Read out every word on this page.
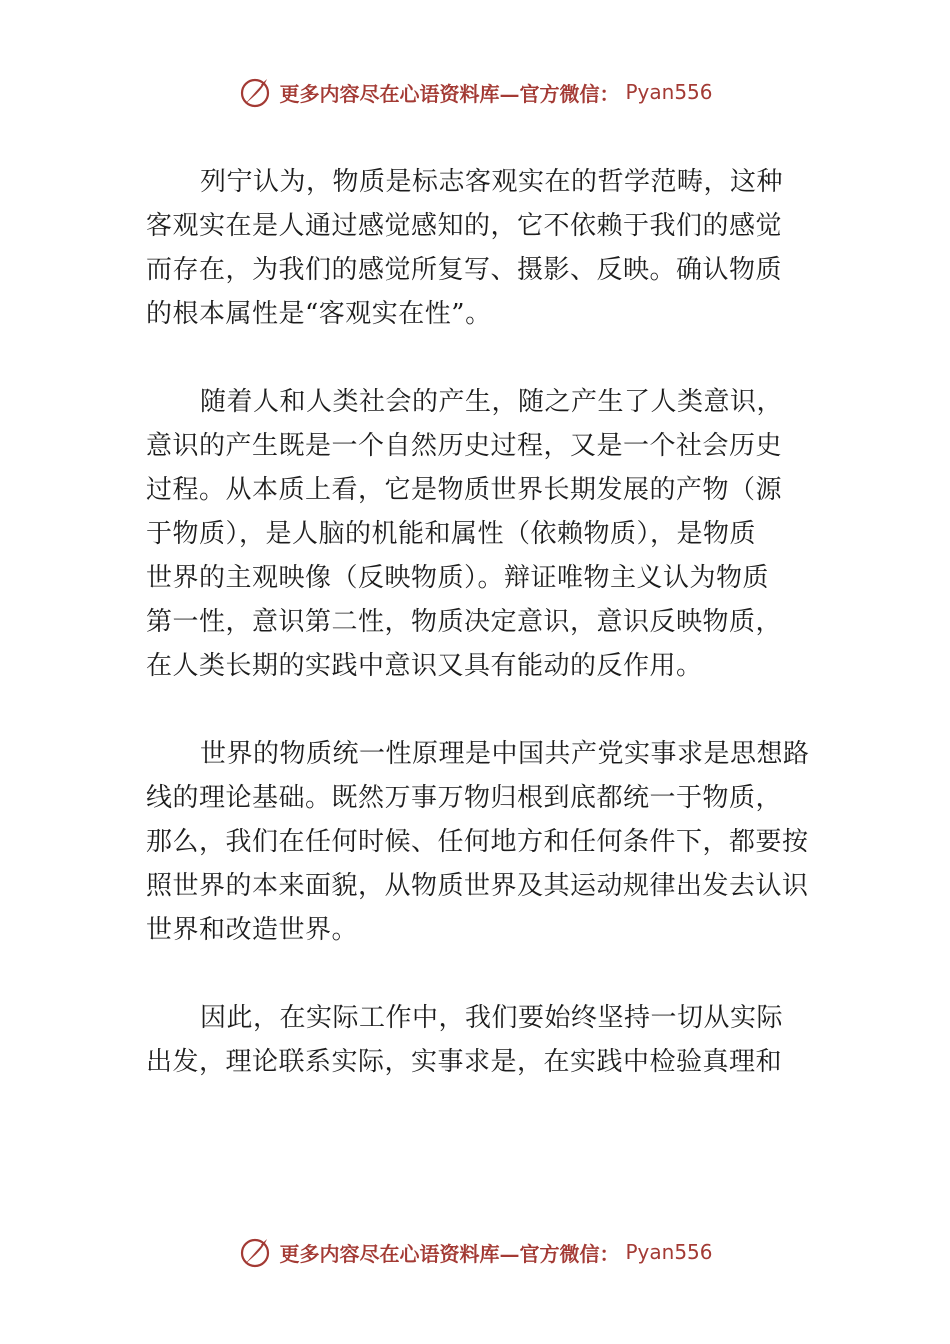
更多内容尽在心语资料库—官方微信： Pyan556

列宁认为，物质是标志客观实在的哲学范畴，这种
客观实在是人通过感觉感知的，它不依赖于我们的感觉
而存在，为我们的感觉所复写、摄影、反映。确认物质
的根本属性是“客观实在性”。

随着人和人类社会的产生，随之产生了人类意识，
意识的产生既是一个自然历史过程，又是一个社会历史
过程。从本质上看，它是物质世界长期发展的产物（源
于物质），是人脑的机能和属性（依赖物质），是物质
世界的主观映像（反映物质）。辩证唯物主义认为物质
第一性，意识第二性，物质决定意识，意识反映物质，
在人类长期的实践中意识又具有能动的反作用。

世界的物质统一性原理是中国共产党实事求是思想路
线的理论基础。既然万事万物归根到底都统一于物质，
那么，我们在任何时候、任何地方和任何条件下，都要按
照世界的本来面貌，从物质世界及其运动规律出发去认识
世界和改造世界。

因此，在实际工作中，我们要始终坚持一切从实际
出发，理论联系实际，实事求是，在实践中检验真理和

更多内容尽在心语资料库—官方微信： Pyan556
